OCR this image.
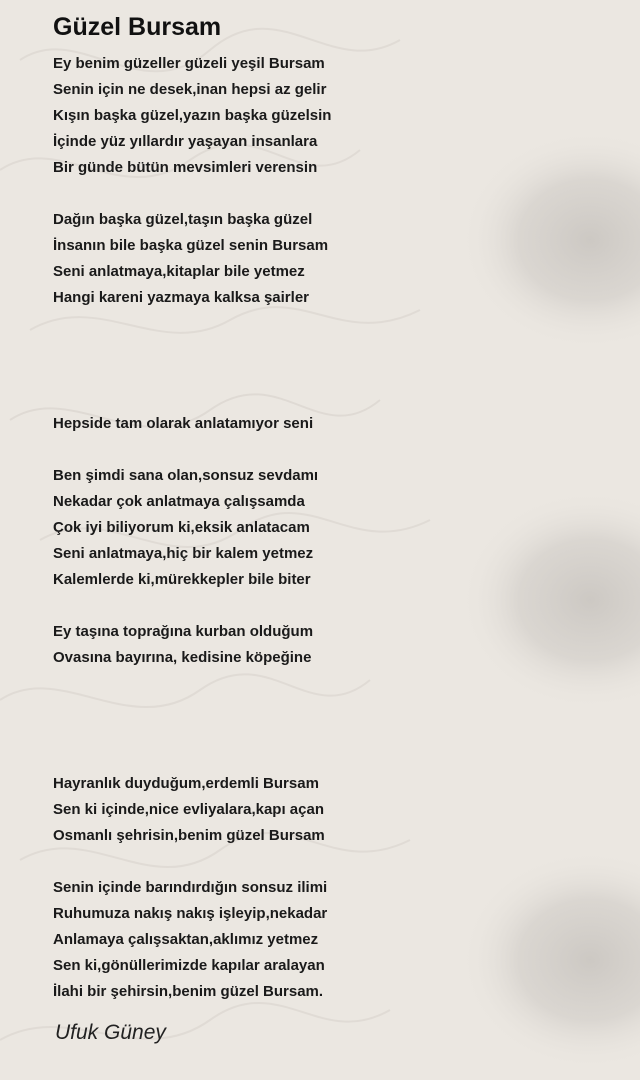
Güzel Bursam

Ey benim güzeller güzeli yeşil Bursam

Senin için ne desek,inan hepsi az gelir

Kışın başka güzel,yazın başka güzelsin

İçinde yüz yıllardır yaşayan insanlara

Bir günde bütün mevsimleri verensin

Dağın başka güzel,taşın başka güzel

İnsanın bile başka güzel senin Bursam

Seni anlatmaya,kitaplar bile yetmez

Hangi kareni yazmaya kalksa şairler

Hepside tam olarak anlatamıyor seni

Ben şimdi sana olan,sonsuz sevdamı

Nekadar çok anlatmaya çalışsamda

Çok iyi biliyorum ki,eksik anlatacam

Seni anlatmaya,hiç bir kalem yetmez

Kalemlerde ki,mürekkepler bile biter

Ey taşına toprağına kurban olduğum

Ovasına bayırına, kedisine köpeğine

Hayranlık duyduğum,erdemli Bursam

Sen ki içinde,nice evliyalara,kapı açan

Osmanlı şehrisin,benim güzel Bursam

Senin içinde barındırdığın sonsuz ilimi

Ruhumuza nakış nakış işleyip,nekadar

Anlamaya çalışsaktan,aklımız yetmez

Sen ki,gönüllerimizde kapılar aralayan

İlahi bir şehirsin,benim güzel Bursam.

Ufuk Güney
